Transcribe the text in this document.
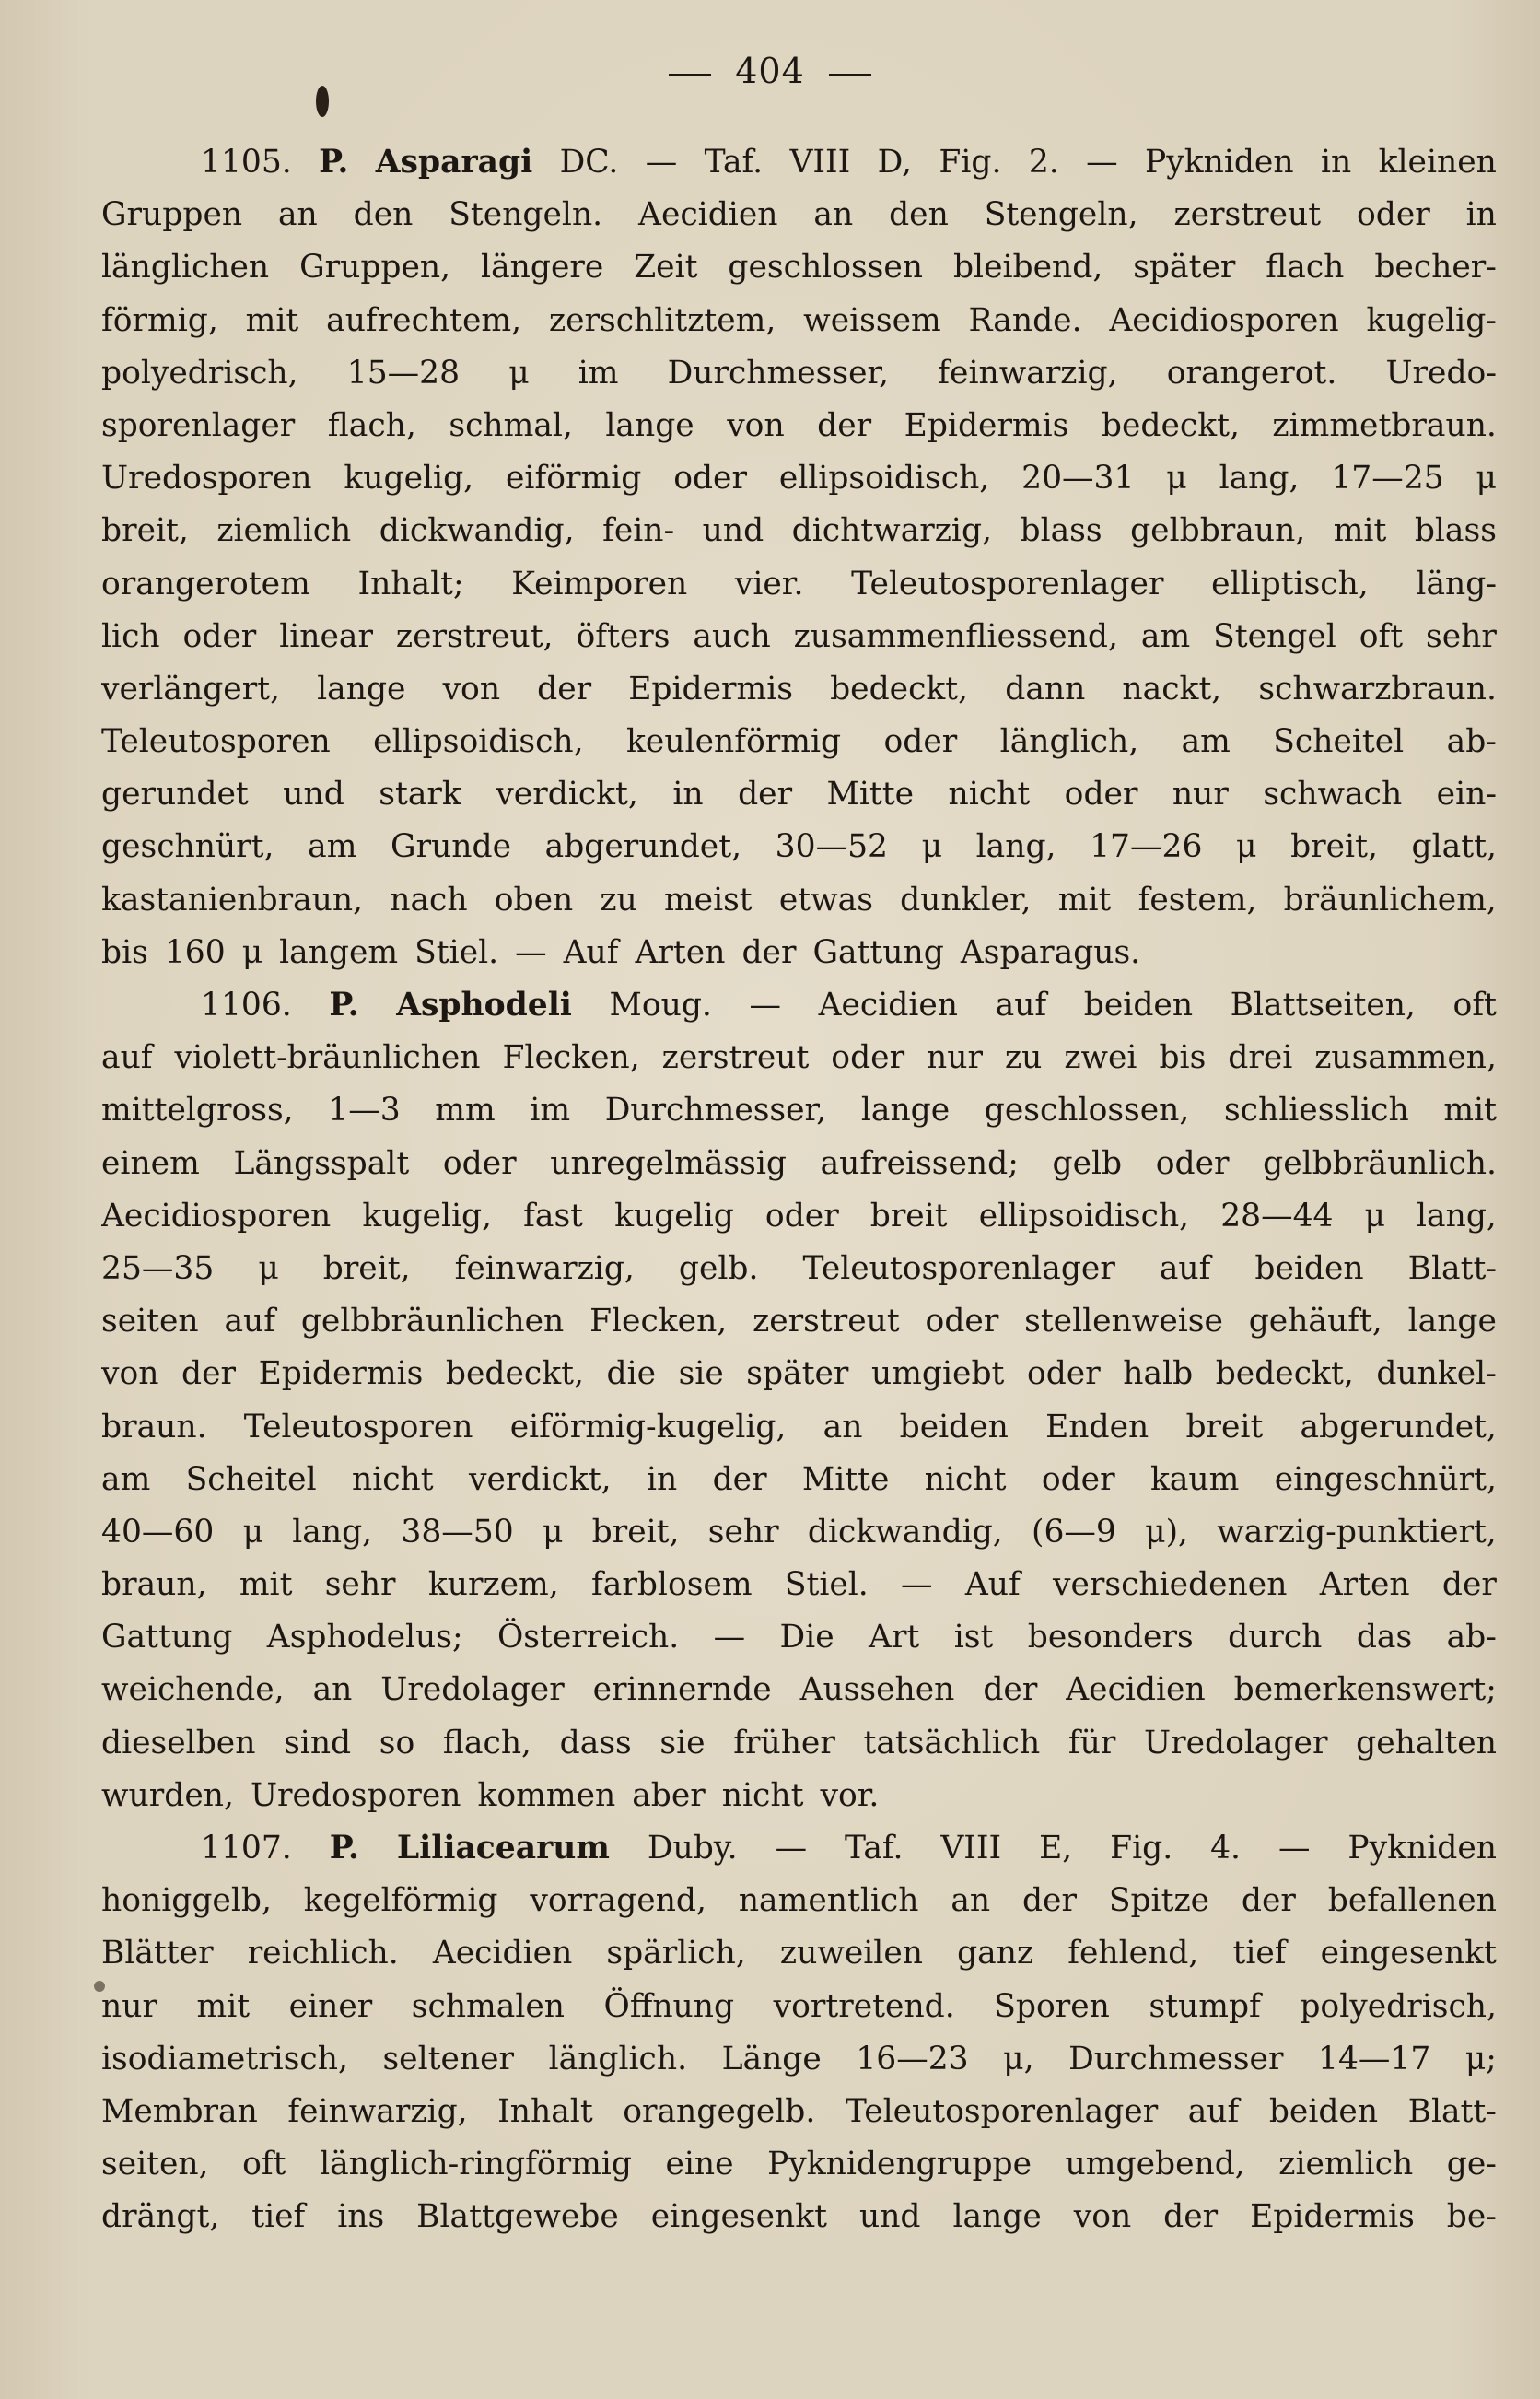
404
1105. P. Asparagi DC. — Taf. VIII D, Fig. 2. — Pykniden in kleinen
Gruppen an den Stengeln. Aecidien an den Stengeln, zerstreut oder in
länglichen Gruppen, längere Zeit geschlossen bleibend, später flach becher-
förmig, mit aufrechtem, zerschlitztem, weissem Rande. Aecidiosporen kugelig-
polyedrisch, 15—28 μ im Durchmesser, feinwarzig, orangerot. Uredo-
sporenlager flach, schmal, lange von der Epidermis bedeckt, zimmetbraun.
Uredosporen kugelig, eiförmig oder ellipsoidisch, 20—31 μ lang, 17—25 μ
breit, ziemlich dickwandig, fein- und dichtwarzig, blass gelbbraun, mit blass
orangerotem Inhalt; Keimporen vier. Teleutosporenlager elliptisch, läng-
lich oder linear zerstreut, öfters auch zusammenfliessend, am Stengel oft sehr
verlängert, lange von der Epidermis bedeckt, dann nackt, schwarzbraun.
Teleutosporen ellipsoidisch, keulenförmig oder länglich, am Scheitel ab-
gerundet und stark verdickt, in der Mitte nicht oder nur schwach ein-
geschnürt, am Grunde abgerundet, 30—52 μ lang, 17—26 μ breit, glatt,
kastanienbraun, nach oben zu meist etwas dunkler, mit festem, bräunlichem,
bis 160 μ langem Stiel. — Auf Arten der Gattung Asparagus.
1106. P. Asphodeli Moug. — Aecidien auf beiden Blattseiten, oft
auf violett-bräunlichen Flecken, zerstreut oder nur zu zwei bis drei zusammen,
mittelgross, 1—3 mm im Durchmesser, lange geschlossen, schliesslich mit
einem Längsspalt oder unregelmässig aufreissend; gelb oder gelbbräunlich.
Aecidiosporen kugelig, fast kugelig oder breit ellipsoidisch, 28—44 μ lang,
25—35 μ breit, feinwarzig, gelb. Teleutosporenlager auf beiden Blatt-
seiten auf gelbbräunlichen Flecken, zerstreut oder stellenweise gehäuft, lange
von der Epidermis bedeckt, die sie später umgiebt oder halb bedeckt, dunkel-
braun. Teleutosporen eiförmig-kugelig, an beiden Enden breit abgerundet,
am Scheitel nicht verdickt, in der Mitte nicht oder kaum eingeschnürt,
40—60 μ lang, 38—50 μ breit, sehr dickwandig, (6—9 μ), warzig-punktiert,
braun, mit sehr kurzem, farblosem Stiel. — Auf verschiedenen Arten der
Gattung Asphodelus; Österreich. — Die Art ist besonders durch das ab-
weichende, an Uredolager erinnernde Aussehen der Aecidien bemerkenswert;
dieselben sind so flach, dass sie früher tatsächlich für Uredolager gehalten
wurden, Uredosporen kommen aber nicht vor.
1107. P. Liliacearum Duby. — Taf. VIII E, Fig. 4. — Pykniden
honiggelb, kegelförmig vorragend, namentlich an der Spitze der befallenen
Blätter reichlich. Aecidien spärlich, zuweilen ganz fehlend, tief eingesenkt
nur mit einer schmalen Öffnung vortretend. Sporen stumpf polyedrisch,
isodiametrisch, seltener länglich. Länge 16—23 μ, Durchmesser 14—17 μ;
Membran feinwarzig, Inhalt orangegelb. Teleutosporenlager auf beiden Blatt-
seiten, oft länglich-ringförmig eine Pyknidengruppe umgebend, ziemlich ge-
drängt, tief ins Blattgewebe eingesenkt und lange von der Epidermis be-
